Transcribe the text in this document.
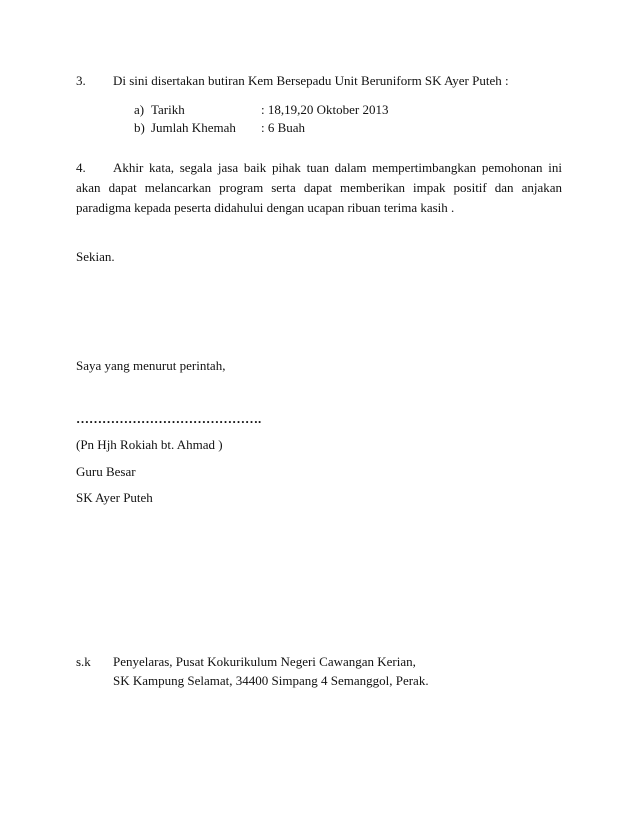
3. Di sini disertakan butiran Kem Bersepadu Unit Beruniform SK Ayer Puteh :
a) Tarikh	: 18,19,20 Oktober 2013
b) Jumlah Khemah : 6 Buah
4. Akhir kata, segala jasa baik pihak tuan dalam mempertimbangkan pemohonan ini akan dapat melancarkan program serta dapat memberikan impak positif dan anjakan paradigma kepada peserta didahului dengan ucapan ribuan terima kasih .
Sekian.
Saya yang menurut perintah,
…………………………………….
(Pn Hjh Rokiah bt. Ahmad )
Guru Besar
SK Ayer Puteh
s.k Penyelaras, Pusat Kokurikulum Negeri Cawangan Kerian,
SK Kampung Selamat, 34400 Simpang 4 Semanggol, Perak.
